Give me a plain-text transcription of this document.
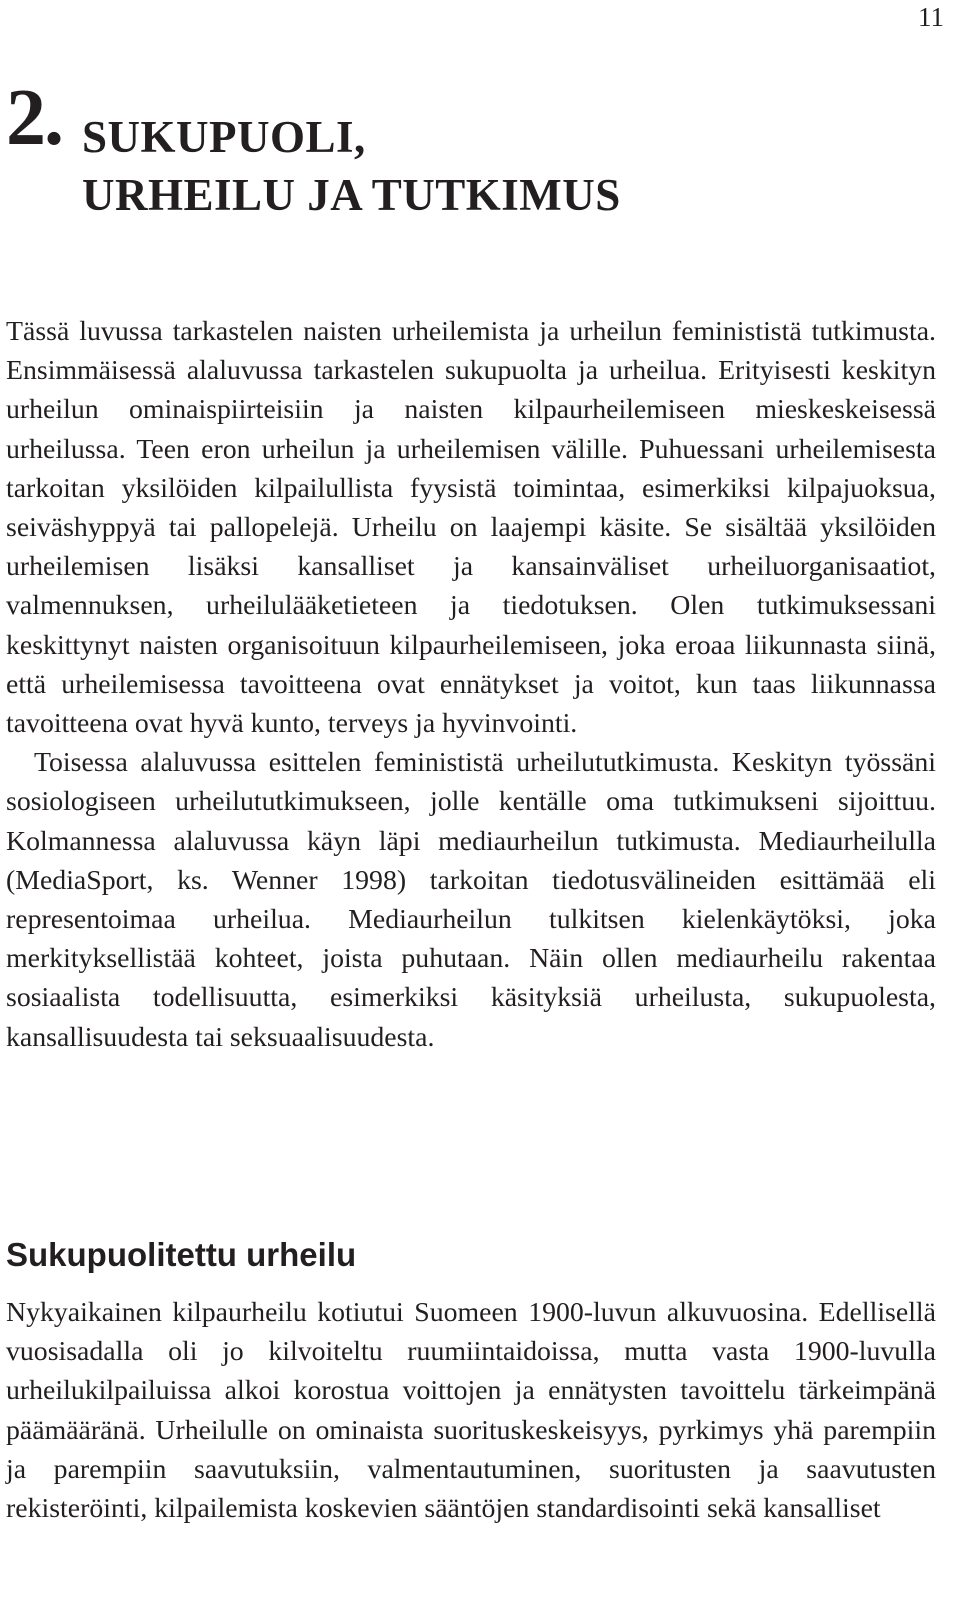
11
2. SUKUPUOLI,
URHEILU JA TUTKIMUS

Tässä luvussa tarkastelen naisten urheilemista ja urheilun feminististä tutkimusta. Ensimmäisessä alaluvussa tarkastelen sukupuolta ja urheilua. Erityisesti keskityn urheilun ominaispiirteisiin ja naisten kilpaurheilemiseen mieskeskeisessä urheilussa. Teen eron urheilun ja urheilemisen välille. Puhuessani urheilemisesta tarkoitan yksilöiden kilpailullista fyysistä toimintaa, esimerkiksi kilpajuoksua, seiväshyppyä tai pallopelejä. Urheilu on laajempi käsite. Se sisältää yksilöiden urheilemisen lisäksi kansalliset ja kansainväliset urheiluorganisaatiot, valmennuksen, urheilulääketieteen ja tiedotuksen. Olen tutkimuksessani keskittynyt naisten organisoituun kilpaurheilemiseen, joka eroaa liikunnasta siinä, että urheilemisessa tavoitteena ovat ennätykset ja voitot, kun taas liikunnassa tavoitteena ovat hyvä kunto, terveys ja hyvinvointi.

Toisessa alaluvussa esittelen feminististä urheilututkimusta. Keskityn työssäni sosiologiseen urheilututkimukseen, jolle kentälle oma tutkimukseni sijoittuu. Kolmannessa alaluvussa käyn läpi mediaurheilun tutkimusta. Mediaurheilulla (MediaSport, ks. Wenner 1998) tarkoitan tiedotusvälineiden esittämää eli representoimaa urheilua. Mediaurheilun tulkitsen kielenkäytöksi, joka merkityksellistää kohteet, joista puhutaan. Näin ollen mediaurheilu rakentaa sosiaalista todellisuutta, esimerkiksi käsityksiä urheilusta, sukupuolesta, kansallisuudesta tai seksuaalisuudesta.

Sukupuolitettu urheilu

Nykyaikainen kilpaurheilu kotiutui Suomeen 1900-luvun alkuvuosina. Edellisellä vuosisadalla oli jo kilvoiteltu ruumiintaidoissa, mutta vasta 1900-luvulla urheilukilpailuissa alkoi korostua voittojen ja ennätysten tavoittelu tärkeimpänä päämääränä. Urheilulle on ominaista suorituskeskeisyys, pyrkimys yhä parempiin ja parempiin saavutuksiin, valmentautuminen, suoritusten ja saavutusten rekisteröinti, kilpailemista koskevien sääntöjen standardisointi sekä kansalliset
